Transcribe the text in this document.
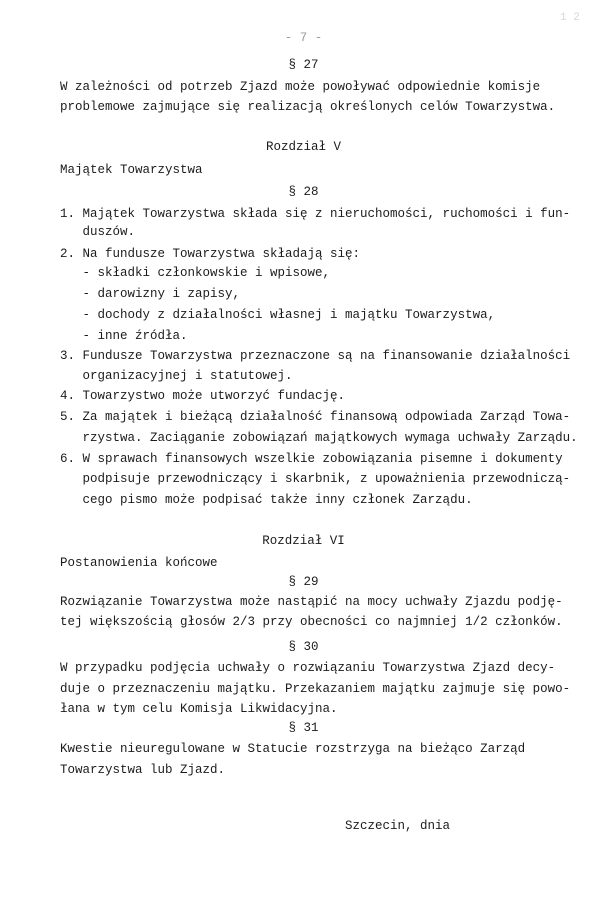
- 7 -
1 2
§ 27
W zależności od potrzeb Zjazd może powoływać odpowiednie komisje
problemowe zajmujące się realizacją określonych celów Towarzystwa.
Rozdział V
Majątek Towarzystwa
§ 28
1. Majątek Towarzystwa składa się z nieruchomości, ruchomości i fun-
duszów.
2. Na fundusze Towarzystwa składają się:
- składki członkowskie i wpisowe,
- darowizny i zapisy,
- dochody z działalności własnej i majątku Towarzystwa,
- inne źródła.
3. Fundusze Towarzystwa przeznaczone są na finansowanie działalności
organizacyjnej i statutowej.
4. Towarzystwo może utworzyć fundację.
5. Za majątek i bieżącą działalność finansową odpowiada Zarząd Towa-
rzystwa. Zaciąganie zobowiązań majątkowych wymaga uchwały Zarządu.
6. W sprawach finansowych wszelkie zobowiązania pisemne i dokumenty
podpisuje przewodniczący i skarbnik, z upoważnienia przewodniczą-
cego pismo może podpisać także inny członek Zarządu.
Rozdział VI
Postanowienia końcowe
§ 29
Rozwiązanie Towarzystwa może nastąpić na mocy uchwały Zjazdu podję-
tej większością głosów 2/3 przy obecności co najmniej 1/2 członków.
§ 30
W przypadku podjęcia uchwały o rozwiązaniu Towarzystwa Zjazd decy-
duje o przeznaczeniu majątku. Przekazaniem majątku zajmuje się powo-
łana w tym celu Komisja Likwidacyjna.
§ 31
Kwestie nieuregulowane w Statucie rozstrzyga na bieżąco Zarząd
Towarzystwa lub Zjazd.
Szczecin, dnia
